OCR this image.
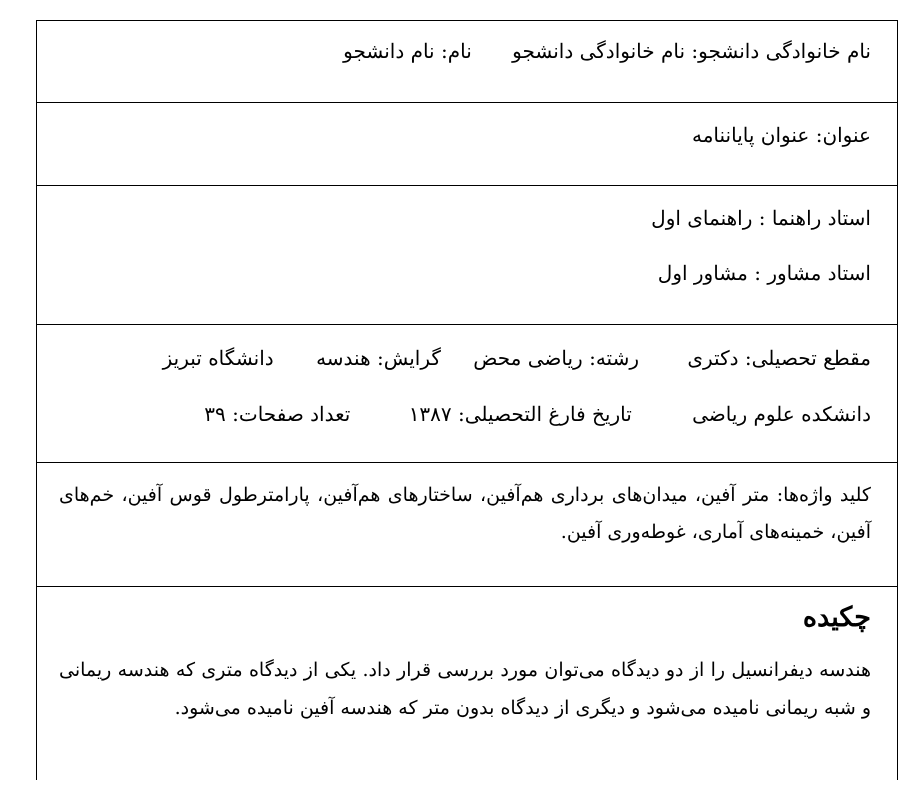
نام خانوادگی دانشجو: نام خانوادگی دانشجو نام: نام دانشجو
عنوان: عنوان پایاننامه
استاد راهنما : راهنمای اول
استاد مشاور : مشاور اول
مقطع تحصیلی: دکتری رشته: ریاضی محض گرایش: هندسه دانشگاه تبریز
دانشکده علوم ریاضی تاریخ فارغ التحصیلی: ۱۳۸۷ تعداد صفحات: ۳۹
کلید واژه‌ها: متر آفین، میدان‌های برداری هم‌آفین، ساختارهای هم‌آفین، پارامترطول قوس آفین، خم‌های آفین، خمینه‌های آماری، غوطه‌وری آفین.
چکیده
هندسه دیفرانسیل را از دو دیدگاه می‌توان مورد بررسی قرار داد. یکی از دیدگاه متری که هندسه ریمانی و شبه ریمانی نامیده می‌شود و دیگری از دیدگاه بدون متر که هندسه آفین نامیده می‌شود.
